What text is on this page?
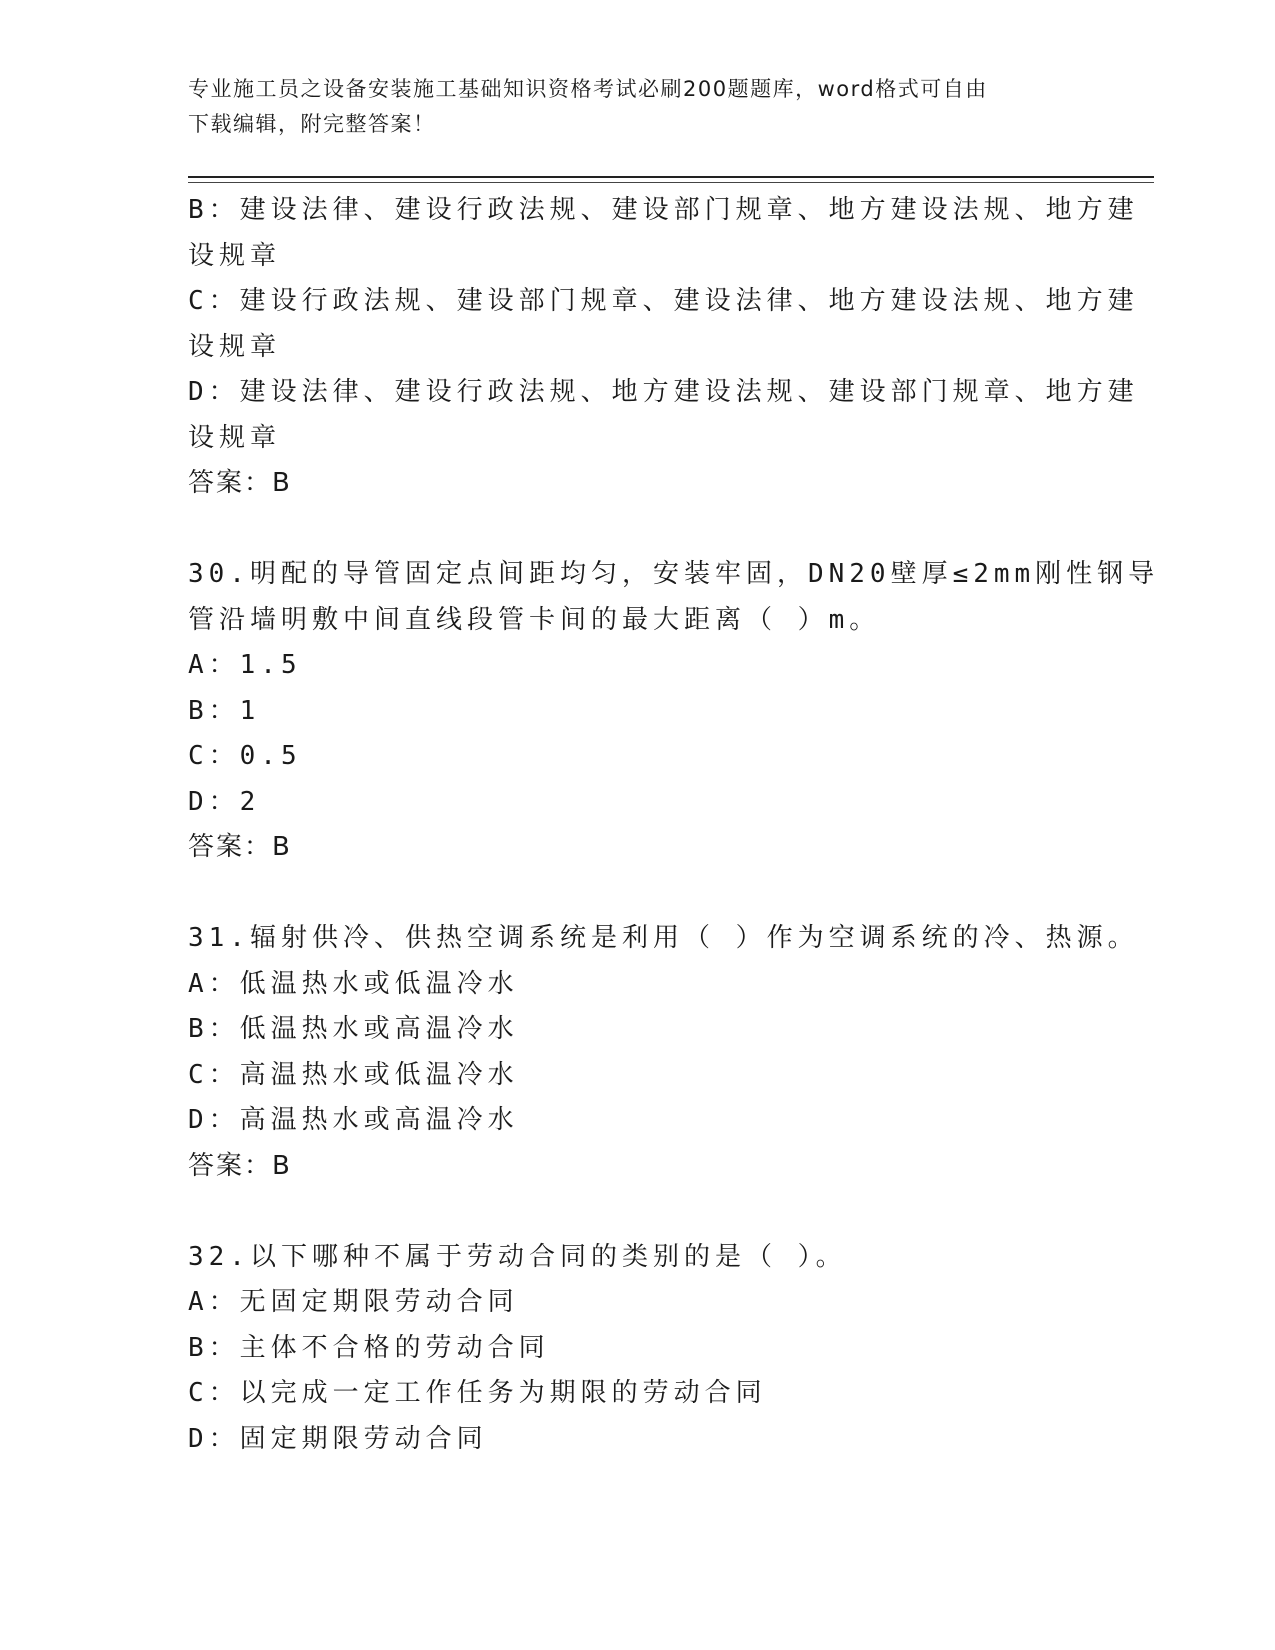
专业施工员之设备安装施工基础知识资格考试必刷200题题库，word格式可自由
下载编辑，附完整答案！
B：建设法律、建设行政法规、建设部门规章、地方建设法规、地方建
设规章
C：建设行政法规、建设部门规章、建设法律、地方建设法规、地方建
设规章
D：建设法律、建设行政法规、地方建设法规、建设部门规章、地方建
设规章
答案：B
30.明配的导管固定点间距均匀，安装牢固，DN20壁厚≤2mm刚性钢导
管沿墙明敷中间直线段管卡间的最大距离（ ）m。
A：1.5
B：1
C：0.5
D：2
答案：B
31.辐射供冷、供热空调系统是利用（ ）作为空调系统的冷、热源。
A：低温热水或低温冷水
B：低温热水或高温冷水
C：高温热水或低温冷水
D：高温热水或高温冷水
答案：B
32.以下哪种不属于劳动合同的类别的是（ ）。
A：无固定期限劳动合同
B：主体不合格的劳动合同
C：以完成一定工作任务为期限的劳动合同
D：固定期限劳动合同
